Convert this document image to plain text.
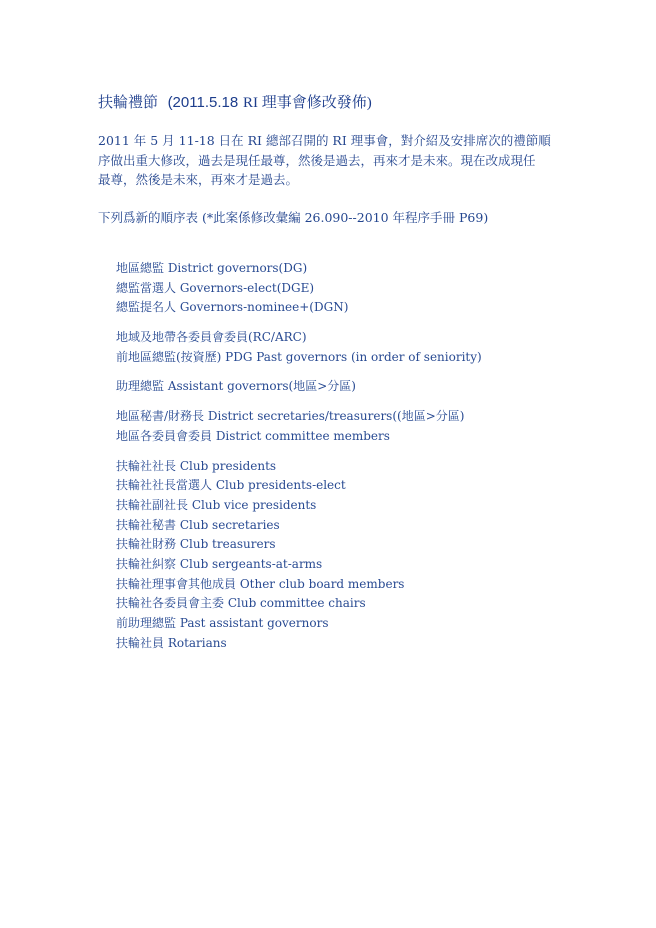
扶輪禮節 (2011.5.18 RI 理事會修改發佈)

2011 年 5 月 11-18 日在 RI 總部召開的 RI 理事會，對介紹及安排席次的禮節順

序做出重大修改，過去是現任最尊，然後是過去，再來才是未來。現在改成現任

最尊，然後是未來，再來才是過去。

下列爲新的順序表 (*此案係修改彙編 26.090--2010 年程序手冊 P69)
地區總監 District governors(DG)
總監當選人 Governors-elect(DGE)
總監提名人 Governors-nominee+(DGN)
地域及地帶各委員會委員(RC/ARC)
前地區總監(按資歷) PDG Past governors (in order of seniority)
助理總監 Assistant governors(地區>分區)
地區秘書/財務長 District secretaries/treasurers((地區>分區)
地區各委員會委員 District committee members
扶輪社社長 Club presidents
扶輪社社長當選人 Club presidents-elect
扶輪社副社長 Club vice presidents
扶輪社秘書 Club secretaries
扶輪社財務 Club treasurers
扶輪社糾察 Club sergeants-at-arms
扶輪社理事會其他成員 Other club board members
扶輪社各委員會主委 Club committee chairs
前助理總監 Past assistant governors
扶輪社員 Rotarians
